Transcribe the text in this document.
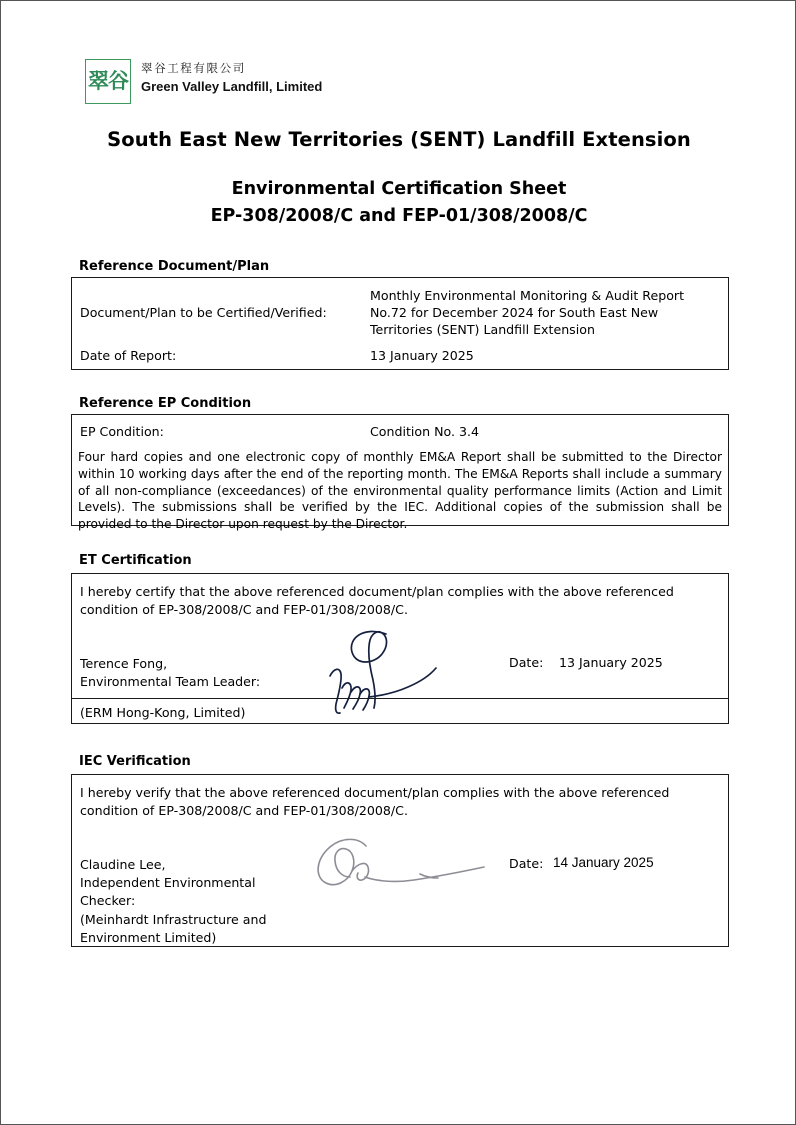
翠谷
翠谷工程有限公司
Green Valley Landfill, Limited
South East New Territories (SENT) Landfill Extension
Environmental Certification Sheet
EP-308/2008/C and FEP-01/308/2008/C
Reference Document/Plan
Document/Plan to be Certified/Verified:
Monthly Environmental Monitoring & Audit Report
No.72 for December 2024 for South East New
Territories (SENT) Landfill Extension
Date of Report:	13 January 2025
Reference EP Condition
EP Condition:	Condition No. 3.4
Four hard copies and one electronic copy of monthly EM&A Report shall be submitted to the Director within 10 working days after the end of the reporting month. The EM&A Reports shall include a summary of all non-compliance (exceedances) of the environmental quality performance limits (Action and Limit Levels). The submissions shall be verified by the IEC. Additional copies of the submission shall be provided to the Director upon request by the Director.
ET Certification
I hereby certify that the above referenced document/plan complies with the above referenced condition of EP-308/2008/C and FEP-01/308/2008/C.
Terence Fong,
Environmental Team Leader:
Date: 13 January 2025
(ERM Hong-Kong, Limited)
IEC Verification
I hereby verify that the above referenced document/plan complies with the above referenced condition of EP-308/2008/C and FEP-01/308/2008/C.
Claudine Lee,
Independent Environmental
Checker:
Date: 14 January 2025
(Meinhardt Infrastructure and
Environment Limited)
